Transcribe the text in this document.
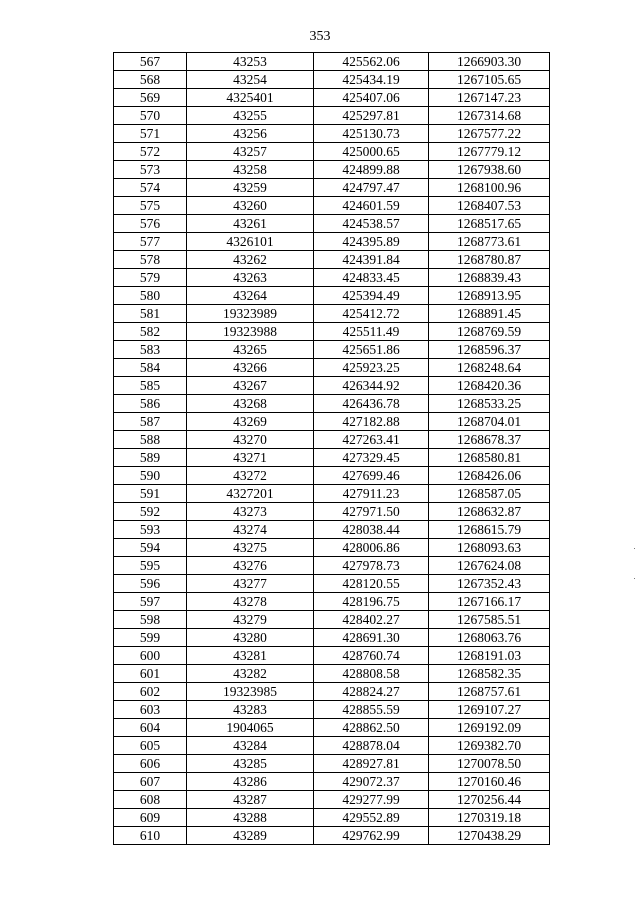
353
567	43253	425562.06	1266903.30
568	43254	425434.19	1267105.65
569	4325401	425407.06	1267147.23
570	43255	425297.81	1267314.68
571	43256	425130.73	1267577.22
572	43257	425000.65	1267779.12
573	43258	424899.88	1267938.60
574	43259	424797.47	1268100.96
575	43260	424601.59	1268407.53
576	43261	424538.57	1268517.65
577	4326101	424395.89	1268773.61
578	43262	424391.84	1268780.87
579	43263	424833.45	1268839.43
580	43264	425394.49	1268913.95
581	19323989	425412.72	1268891.45
582	19323988	425511.49	1268769.59
583	43265	425651.86	1268596.37
584	43266	425923.25	1268248.64
585	43267	426344.92	1268420.36
586	43268	426436.78	1268533.25
587	43269	427182.88	1268704.01
588	43270	427263.41	1268678.37
589	43271	427329.45	1268580.81
590	43272	427699.46	1268426.06
591	4327201	427911.23	1268587.05
592	43273	427971.50	1268632.87
593	43274	428038.44	1268615.79
594	43275	428006.86	1268093.63
595	43276	427978.73	1267624.08
596	43277	428120.55	1267352.43
597	43278	428196.75	1267166.17
598	43279	428402.27	1267585.51
599	43280	428691.30	1268063.76
600	43281	428760.74	1268191.03
601	43282	428808.58	1268582.35
602	19323985	428824.27	1268757.61
603	43283	428855.59	1269107.27
604	1904065	428862.50	1269192.09
605	43284	428878.04	1269382.70
606	43285	428927.81	1270078.50
607	43286	429072.37	1270160.46
608	43287	429277.99	1270256.44
609	43288	429552.89	1270319.18
610	43289	429762.99	1270438.29
